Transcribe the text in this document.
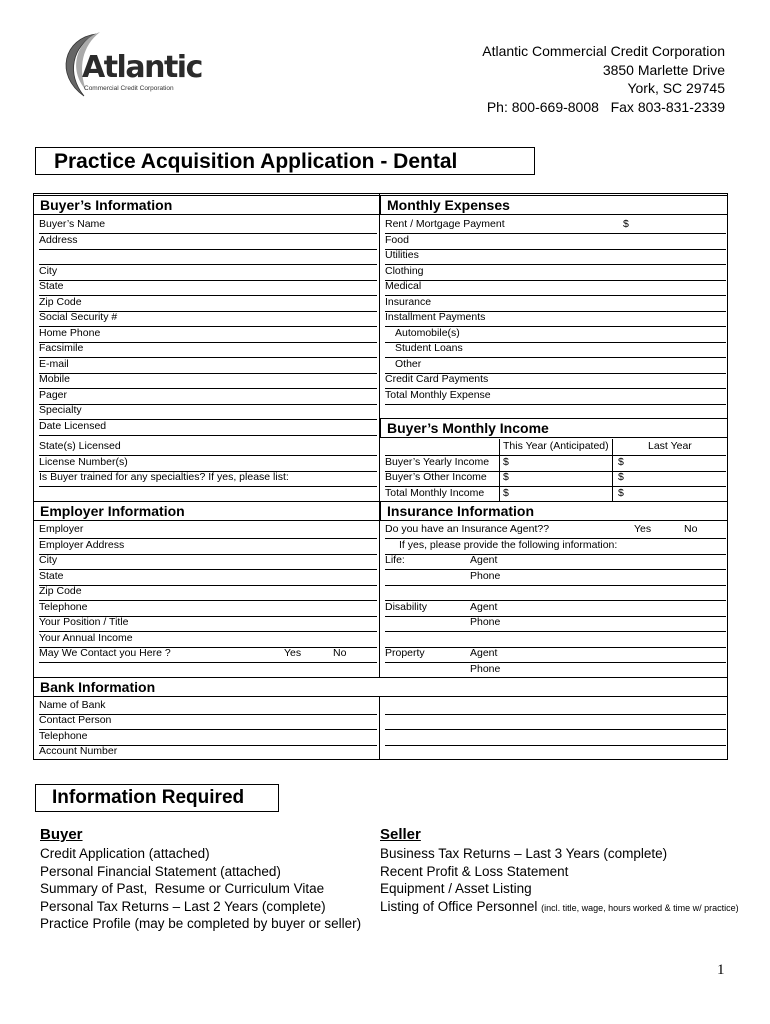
Atlantic
Commercial Credit Corporation
Atlantic Commercial Credit Corporation
3850 Marlette Drive
York, SC 29745
Ph: 800-669-8008   Fax 803-831-2339
Practice Acquisition Application - Dental
Buyer’s Information	Monthly Expenses
Buyer’s Monthly Income
Employer Information	Insurance Information
Bank Information
Buyer’s Name
Address
City
State
Zip Code
Social Security #
Home Phone
Facsimile
E-mail
Mobile
Pager
Specialty
Date Licensed
State(s) Licensed
License Number(s)
Is Buyer trained for any specialties? If yes, please list:
Rent / Mortgage Payment	$
Food
Utilities
Clothing
Medical
Insurance
Installment Payments
Automobile(s)
Student Loans
Other
Credit Card Payments
Total Monthly Expense
This Year (Anticipated)	Last Year
Buyer’s Yearly Income $	$
Buyer’s Other Income $	$
Total Monthly Income $	$
Employer
Employer Address
City
State
Zip Code
Telephone
Your Position / Title
Your Annual Income
May We Contact you Here ?	Yes	No
Do you have an Insurance Agent??	Yes	No
If yes, please provide the following information:
Life:	Agent
Phone
Disability	Agent
Phone
Property	Agent
Phone
Name of Bank
Contact Person
Telephone
Account Number
Information Required
Buyer
Credit Application (attached)
Personal Financial Statement (attached)
Summary of Past,  Resume or Curriculum Vitae
Personal Tax Returns – Last 2 Years (complete)
Practice Profile (may be completed by buyer or seller)
Seller
Business Tax Returns – Last 3 Years (complete)
Recent Profit & Loss Statement
Equipment / Asset Listing
Listing of Office Personnel (incl. title, wage, hours worked & time w/ practice)
1
